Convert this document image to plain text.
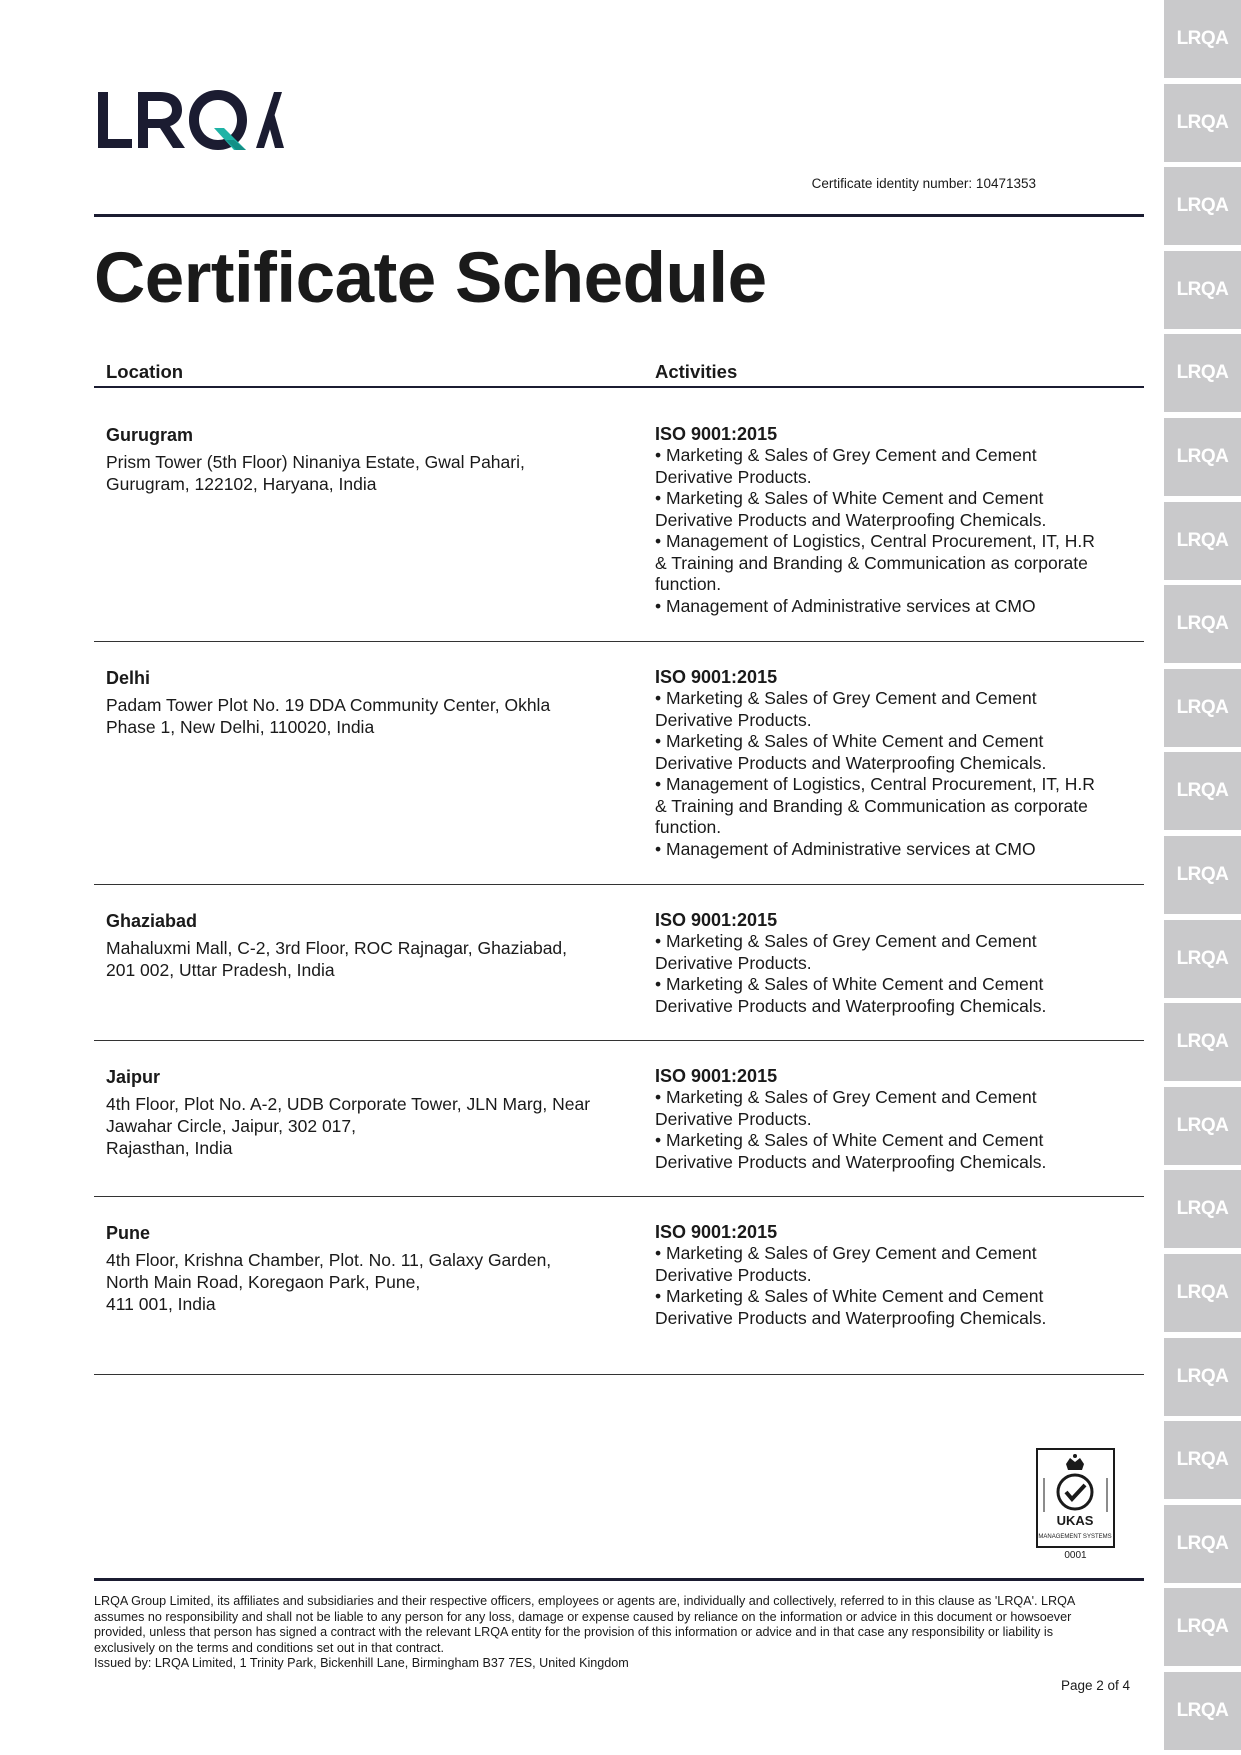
LRQA
LRQA
LRQA
LRQA
LRQA
LRQA
LRQA
LRQA
LRQA
LRQA
LRQA
LRQA
LRQA
LRQA
LRQA
LRQA
LRQA
LRQA
LRQA
LRQA
LRQA
Certificate identity number: 10471353
Certificate Schedule
Location	Activities
Gurugram
Prism Tower (5th Floor) Ninaniya Estate, Gwal Pahari,
Gurugram, 122102, Haryana, India
ISO 9001:2015
• Marketing & Sales of Grey Cement and Cement
Derivative Products.
• Marketing & Sales of White Cement and Cement
Derivative Products and Waterproofing Chemicals.
• Management of Logistics, Central Procurement, IT, H.R
& Training and Branding & Communication as corporate
function.
• Management of Administrative services at CMO
Delhi
Padam Tower Plot No. 19 DDA Community Center, Okhla
Phase 1, New Delhi, 110020, India
ISO 9001:2015
• Marketing & Sales of Grey Cement and Cement
Derivative Products.
• Marketing & Sales of White Cement and Cement
Derivative Products and Waterproofing Chemicals.
• Management of Logistics, Central Procurement, IT, H.R
& Training and Branding & Communication as corporate
function.
• Management of Administrative services at CMO
Ghaziabad
Mahaluxmi Mall, C-2, 3rd Floor, ROC Rajnagar, Ghaziabad,
201 002, Uttar Pradesh, India
ISO 9001:2015
• Marketing & Sales of Grey Cement and Cement
Derivative Products.
• Marketing & Sales of White Cement and Cement
Derivative Products and Waterproofing Chemicals.
Jaipur
4th Floor, Plot No. A-2, UDB Corporate Tower, JLN Marg, Near
Jawahar Circle, Jaipur, 302 017,
Rajasthan, India
ISO 9001:2015
• Marketing & Sales of Grey Cement and Cement
Derivative Products.
• Marketing & Sales of White Cement and Cement
Derivative Products and Waterproofing Chemicals.
Pune
4th Floor, Krishna Chamber, Plot. No. 11, Galaxy Garden,
North Main Road, Koregaon Park, Pune,
411 001, India
ISO 9001:2015
• Marketing & Sales of Grey Cement and Cement
Derivative Products.
• Marketing & Sales of White Cement and Cement
Derivative Products and Waterproofing Chemicals.
UKAS
MANAGEMENT SYSTEMS
0001
LRQA Group Limited, its affiliates and subsidiaries and their respective officers, employees or agents are, individually and collectively, referred to in this clause as 'LRQA'. LRQA
assumes no responsibility and shall not be liable to any person for any loss, damage or expense caused by reliance on the information or advice in this document or howsoever
provided, unless that person has signed a contract with the relevant LRQA entity for the provision of this information or advice and in that case any responsibility or liability is
exclusively on the terms and conditions set out in that contract.
Issued by: LRQA Limited, 1 Trinity Park, Bickenhill Lane, Birmingham B37 7ES, United Kingdom
Page 2 of 4
